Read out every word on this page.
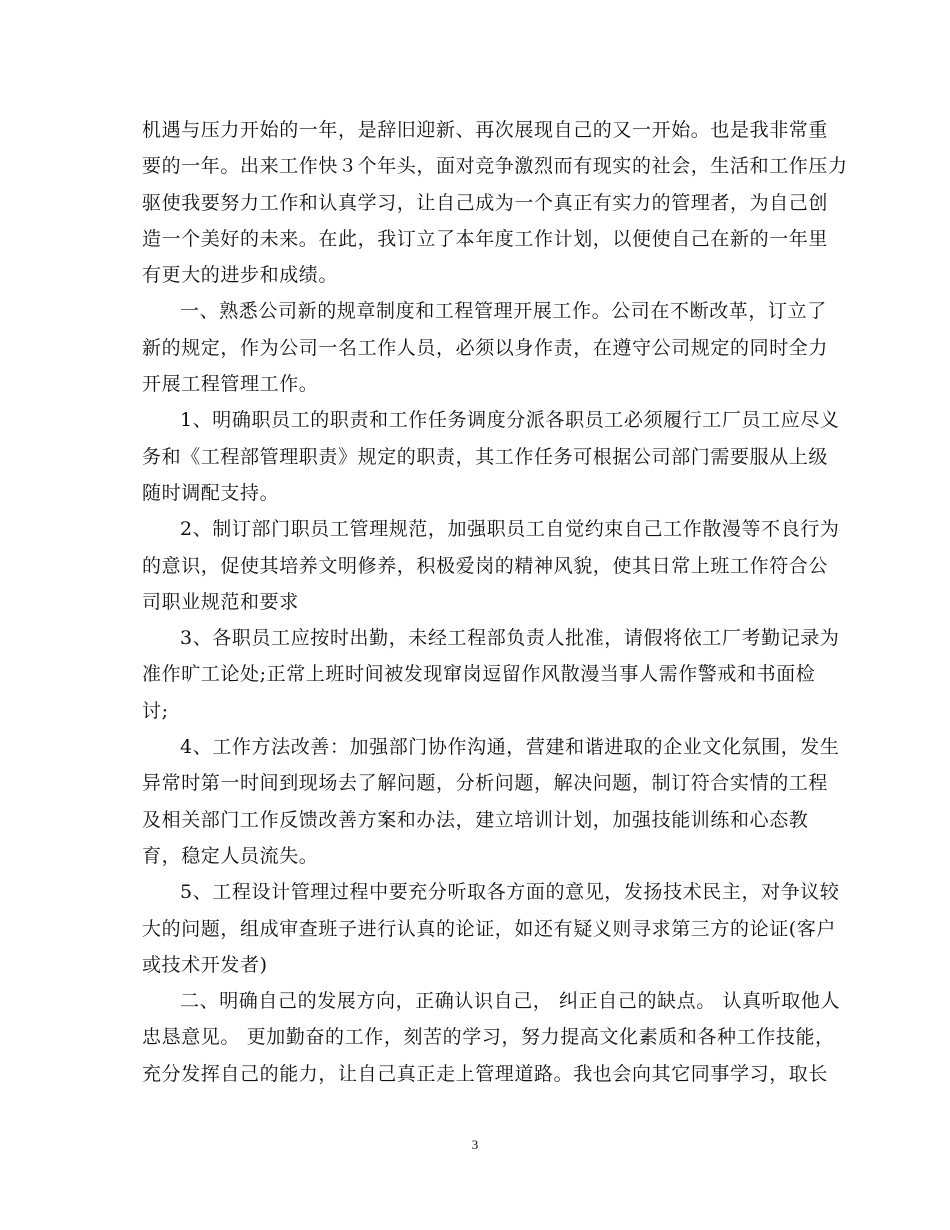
机遇与压力开始的一年，是辞旧迎新、再次展现自己的又一开始。也是我非常重
要的一年。出来工作快３个年头，面对竞争激烈而有现实的社会，生活和工作压力
驱使我要努力工作和认真学习，让自己成为一个真正有实力的管理者，为自己创
造一个美好的未来。在此，我订立了本年度工作计划，以便使自己在新的一年里
有更大的进步和成绩。
一、熟悉公司新的规章制度和工程管理开展工作。公司在不断改革，订立了
新的规定，作为公司一名工作人员，必须以身作责，在遵守公司规定的同时全力
开展工程管理工作。
1、明确职员工的职责和工作任务调度分派各职员工必须履行工厂员工应尽义
务和《工程部管理职责》规定的职责，其工作任务可根据公司部门需要服从上级
随时调配支持。
2、制订部门职员工管理规范，加强职员工自觉约束自己工作散漫等不良行为
的意识，促使其培养文明修养，积极爱岗的精神风貌，使其日常上班工作符合公
司职业规范和要求
3、各职员工应按时出勤，未经工程部负责人批准，请假将依工厂考勤记录为
准作旷工论处;正常上班时间被发现窜岗逗留作风散漫当事人需作警戒和书面检
讨;
4、工作方法改善：加强部门协作沟通，营建和谐进取的企业文化氛围，发生
异常时第一时间到现场去了解问题，分析问题，解决问题，制订符合实情的工程
及相关部门工作反馈改善方案和办法，建立培训计划，加强技能训练和心态教
育，稳定人员流失。
5、工程设计管理过程中要充分听取各方面的意见，发扬技术民主，对争议较
大的问题，组成审查班子进行认真的论证，如还有疑义则寻求第三方的论证(客户
或技术开发者)
二、明确自己的发展方向，正确认识自己， 纠正自己的缺点。 认真听取他人
忠恳意见。 更加勤奋的工作，刻苦的学习，努力提高文化素质和各种工作技能，
充分发挥自己的能力，让自己真正走上管理道路。我也会向其它同事学习，取长
3
